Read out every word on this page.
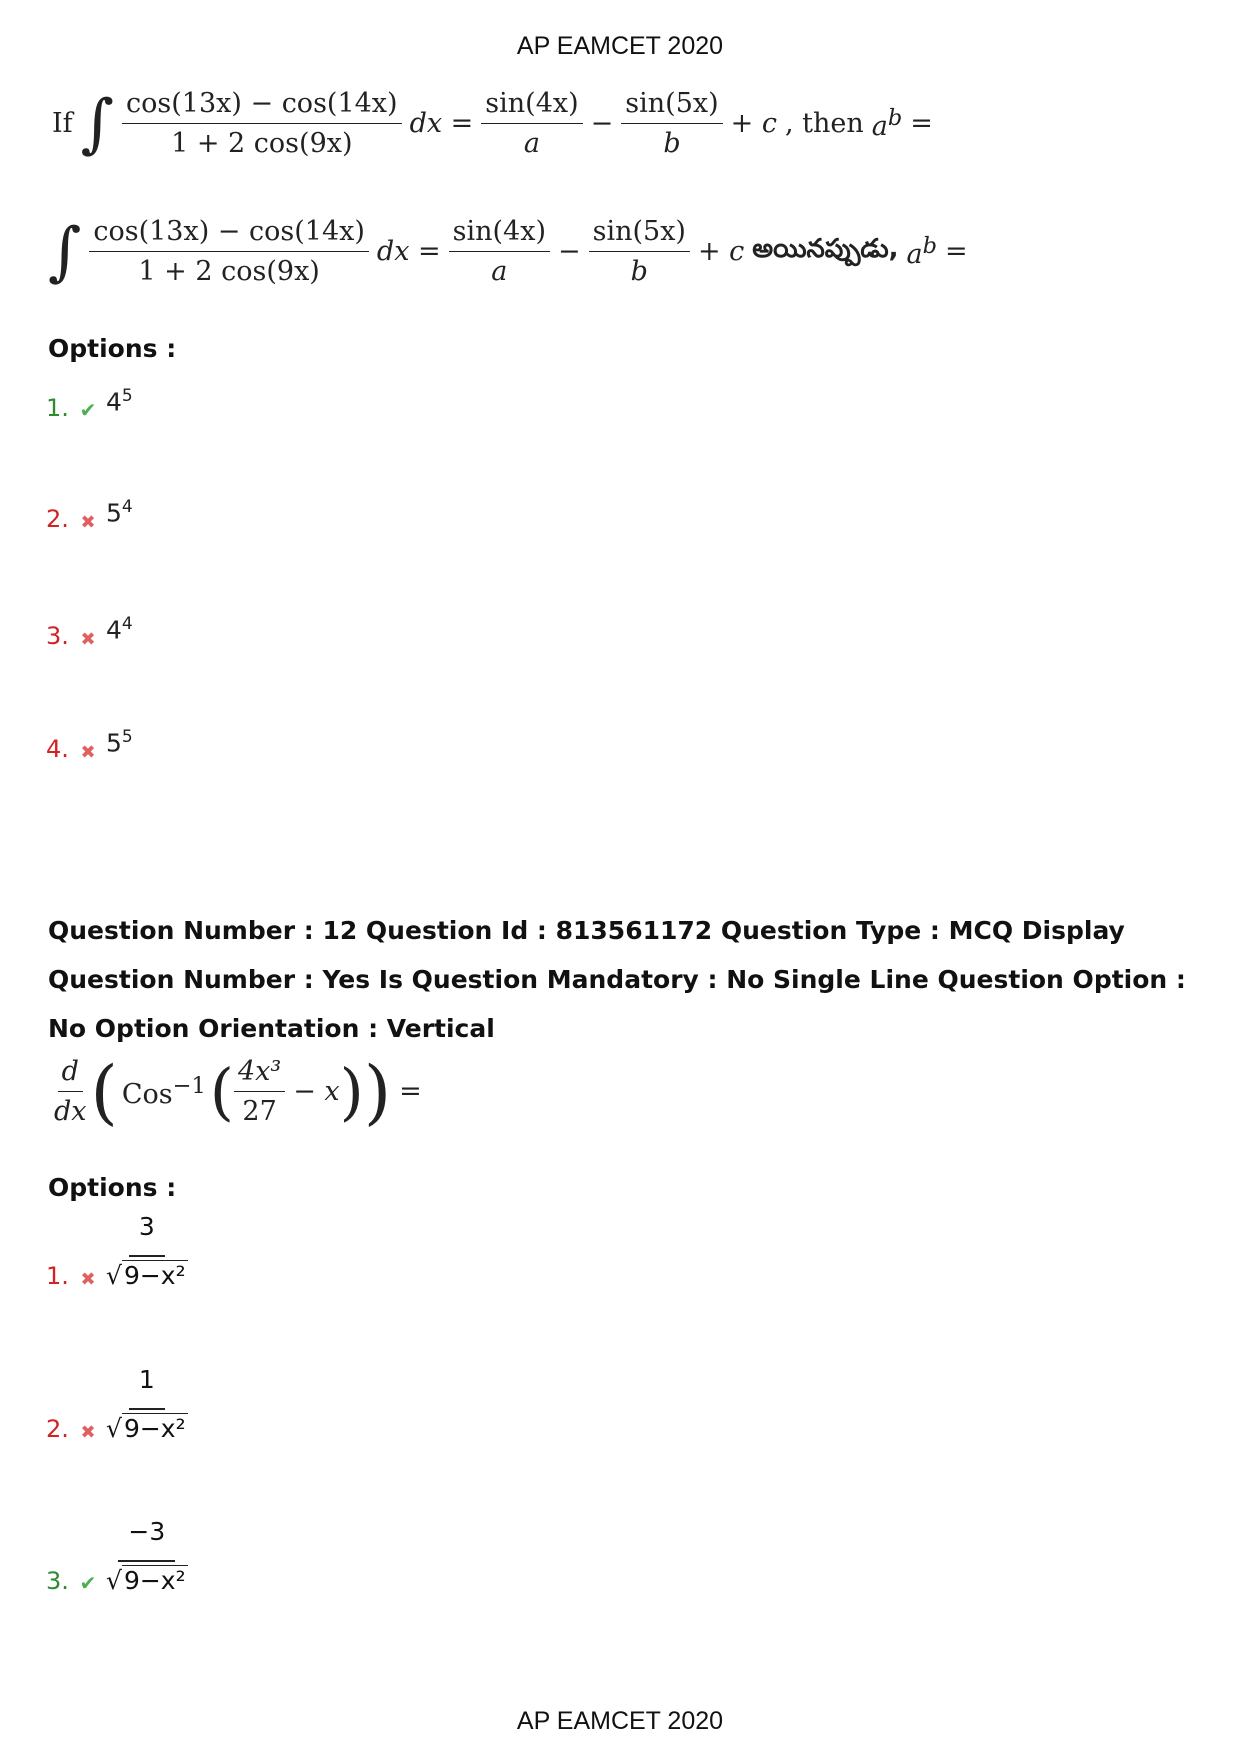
AP EAMCET 2020
If ∫ $\frac{\cos(13x) - \cos(14x)}{1 + 2 \cos(9x)}$ dx = $\frac{\sin(4x)}{a} - \frac{\sin(5x)}{b} + c$ , then $a^b$ =
∫ $\frac{\cos(13x) - \cos(14x)}{1 + 2 \cos(9x)}$ dx = $\frac{\sin(4x)}{a} - \frac{\sin(5x)}{b} + c$ అయినప్పుడు, $a^b$ =
Options :
1. ✔ $4^5$
2. ✖ $5^4$
3. ✖ $4^4$
4. ✖ $5^5$
Question Number : 12 Question Id : 813561172 Question Type : MCQ Display Question Number : Yes Is Question Mandatory : No Single Line Question Option : No Option Orientation : Vertical
$\frac{d}{dx}$ ( Cos$^{-1}$ ( $\frac{\text{4x³}}{27} - x$ ) ) =
Options :
1. ✖ $\frac{3}{\text{√9−x²}}$
2. ✖ $\frac{1}{\text{√9−x²}}$
3. ✔ $\frac{-3}{\text{√9−x²}}$
AP EAMCET 2020
